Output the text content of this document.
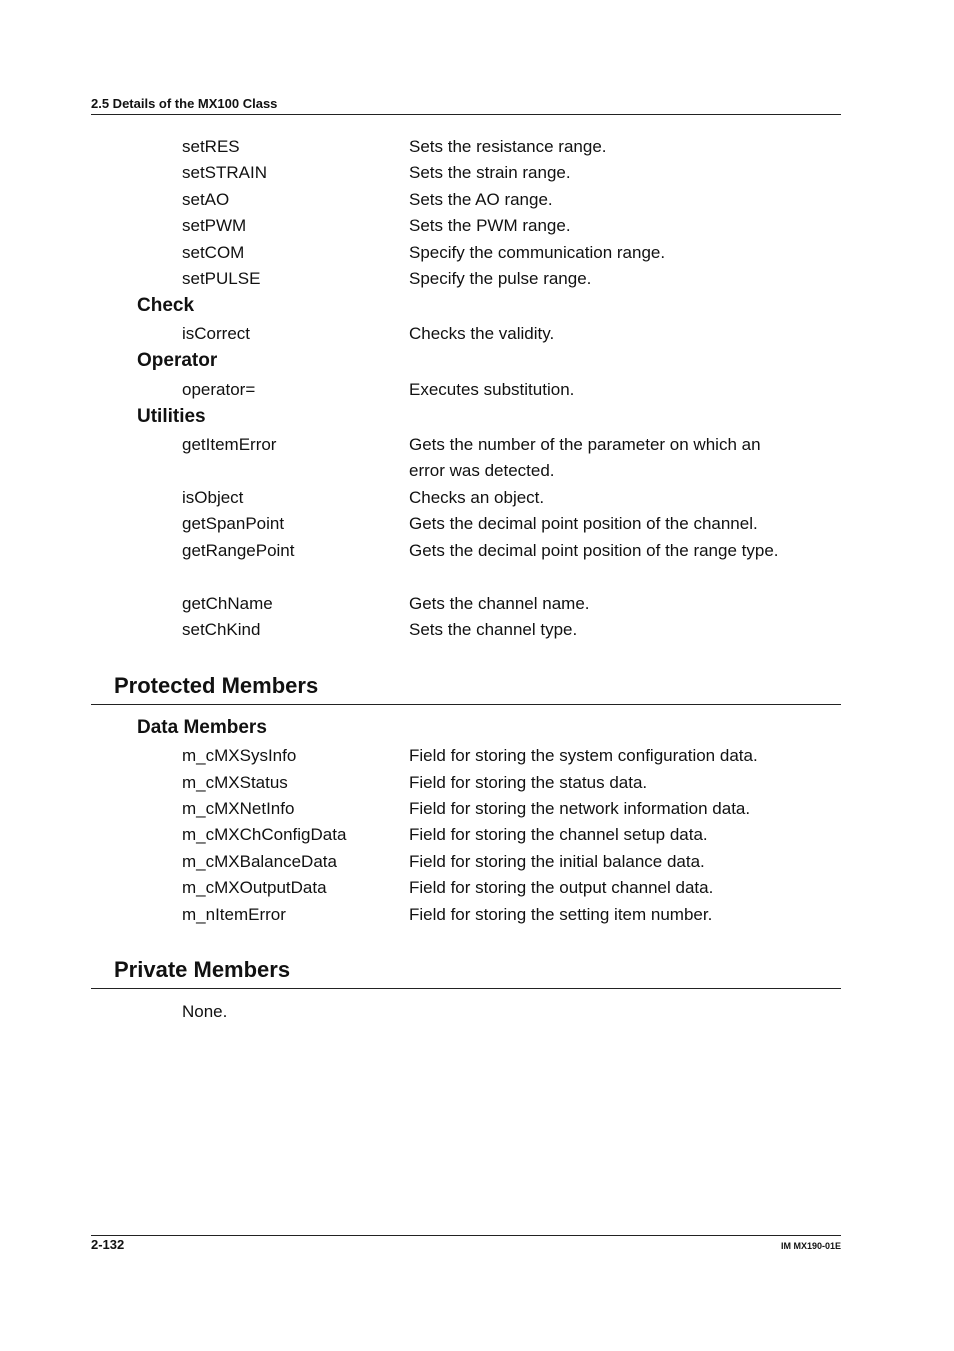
2.5 Details of the MX100 Class
setRES	Sets the resistance range.
setSTRAIN	Sets the strain range.
setAO	Sets the AO range.
setPWM	Sets the PWM range.
setCOM	Specify the communication range.
setPULSE	Specify the pulse range.
Check
isCorrect	Checks the validity.
Operator
operator=	Executes substitution.
Utilities
getItemError	Gets the number of the parameter on which an error was detected.
isObject	Checks an object.
getSpanPoint	Gets the decimal point position of the channel.
getRangePoint	Gets the decimal point position of the range type.
getChName	Gets the channel name.
setChKind	Sets the channel type.
Protected Members
Data Members
m_cMXSysInfo	Field for storing the system configuration data.
m_cMXStatus	Field for storing the status data.
m_cMXNetInfo	Field for storing the network information data.
m_cMXChConfigData	Field for storing the channel setup data.
m_cMXBalanceData	Field for storing the initial balance data.
m_cMXOutputData	Field for storing the output channel data.
m_nItemError	Field for storing the setting item number.
Private Members
None.
2-132	IM MX190-01E
